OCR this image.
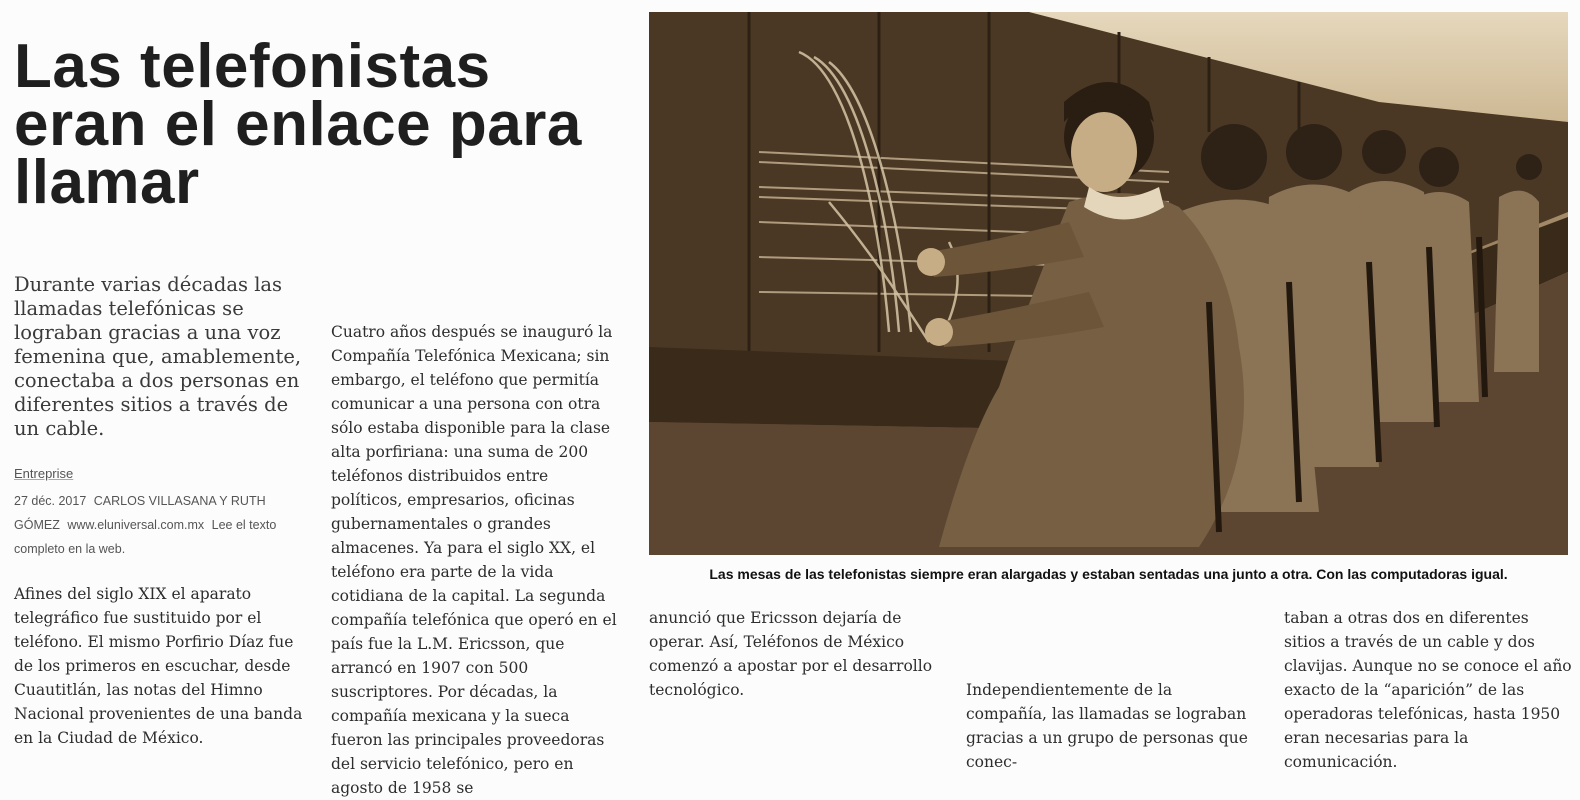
Las telefonistas eran el enlace para llamar

Durante varias décadas las llamadas telefónicas se lograban gracias a una voz femenina que, amablemente, conectaba a dos personas en diferentes sitios a través de un cable.

Entreprise
27 déc. 2017 CARLOS VILLASANA Y RUTH GÓMEZ www.eluniversal.com.mx Lee el texto completo en la web.

Afines del siglo XIX el aparato telegráfico fue sustituido por el teléfono. El mismo Porfirio Díaz fue de los primeros en escuchar, desde Cuautitlán, las notas del Himno Nacional provenientes de una banda en la Ciudad de México.

Cuatro años después se inauguró la Compañía Telefónica Mexicana; sin embargo, el teléfono que permitía comunicar a una persona con otra sólo estaba disponible para la clase alta porfiriana: una suma de 200 teléfonos distribuidos entre políticos, empresarios, oficinas gubernamentales o grandes almacenes. Ya para el siglo XX, el teléfono era parte de la vida cotidiana de la capital. La segunda compañía telefónica que operó en el país fue la L.M. Ericsson, que arrancó en 1907 con 500 suscriptores. Por décadas, la compañía mexicana y la sueca fueron las principales proveedoras del servicio telefónico, pero en agosto de 1958 se

Las mesas de las telefonistas siempre eran alargadas y estaban sentadas una junto a otra. Con las computadoras igual.

anunció que Ericsson dejaría de operar. Así, Teléfonos de México comenzó a apostar por el desarrollo tecnológico.	Independientemente de la compañía, las llamadas se lograban gracias a un grupo de personas que conec-

taban a otras dos en diferentes sitios a través de un cable y dos clavijas. Aunque no se conoce el año exacto de la “aparición” de las operadoras telefónicas, hasta 1950 eran necesarias para la comunicación.
